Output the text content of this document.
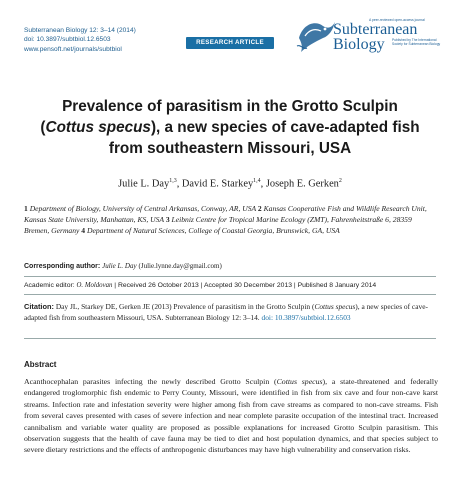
Subterranean Biology 12: 3–14 (2014)
doi: 10.3897/subtbiol.12.6503
www.pensoft.net/journals/subtbiol
RESEARCH ARTICLE
A peer-reviewed open-access journal
Subterranean
Biology	Published by The International Society for Subterranean Biology
Prevalence of parasitism in the Grotto Sculpin (Cottus specus), a new species of cave-adapted fish from southeastern Missouri, USA
Julie L. Day$^{1,3}$, David E. Starkey$^{1,4}$, Joseph E. Gerken$^2$
1 Department of Biology, University of Central Arkansas, Conway, AR, USA 2 Kansas Cooperative Fish and Wildlife Research Unit, Kansas State University, Manhattan, KS, USA 3 Leibniz Centre for Tropical Marine Ecology (ZMT), Fahrenheitstraße 6, 28359 Bremen, Germany 4 Department of Natural Sciences, College of Coastal Georgia, Brunswick, GA, USA
Corresponding author: Julie L. Day (Julie.lynne.day@gmail.com)
Academic editor: O. Moldovan | Received 26 October 2013 | Accepted 30 December 2013 | Published 8 January 2014
Citation: Day JL, Starkey DE, Gerken JE (2013) Prevalence of parasitism in the Grotto Sculpin (Cottus specus), a new species of cave-adapted fish from southeastern Missouri, USA. Subterranean Biology 12: 3–14. doi: 10.3897/subtbiol.12.6503
Abstract

Acanthocephalan parasites infecting the newly described Grotto Sculpin (Cottus specus), a state-threatened and federally endangered troglomorphic fish endemic to Perry County, Missouri, were identified in fish from six cave and four non-cave karst streams. Infection rate and infestation severity were higher among fish from cave streams as compared to non-cave streams. Fish from several caves presented with cases of severe infection and near complete parasite occupation of the intestinal tract. Increased cannibalism and variable water quality are proposed as possible explanations for increased Grotto Sculpin parasitism. This observation suggests that the health of cave fauna may be tied to diet and host population dynamics, and that species subject to severe dietary restrictions and the effects of anthropogenic disturbances may have high vulnerability and conservation risks.
